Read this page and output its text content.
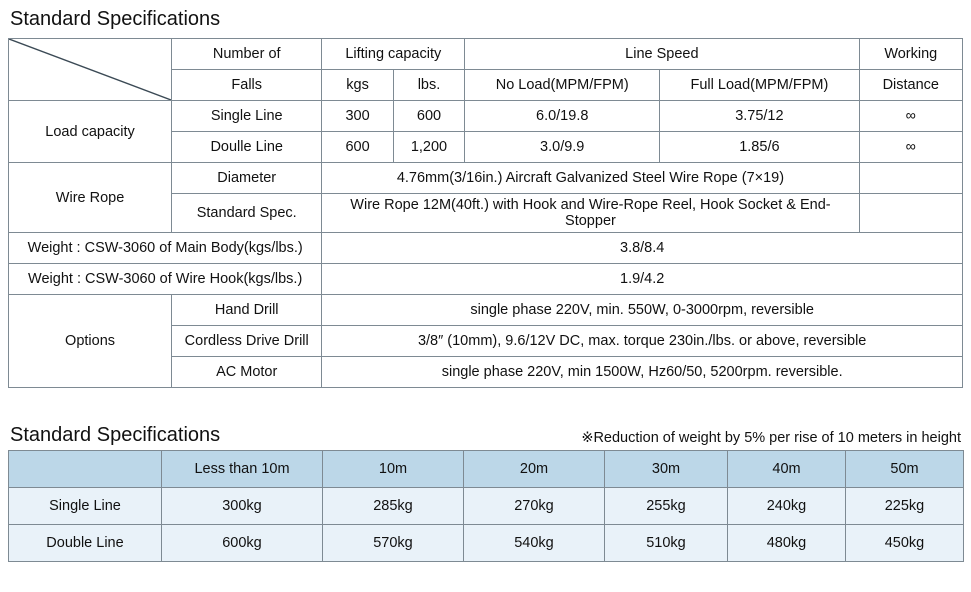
Standard Specifications
	Number of	Lifting capacity		Line Speed		Working
	Falls	kgs	lbs.	No Load(MPM/FPM)	Full Load(MPM/FPM)	Distance
Load capacity	Single Line	300	600	6.0/19.8	3.75/12	∞
	Doulle Line	600	1,200	3.0/9.9	1.85/6	∞
Wire Rope	Diameter	4.76mm(3/16in.) Aircraft Galvanized Steel Wire Rope (7×19)				
	Standard Spec.	Wire Rope 12M(40ft.) with Hook and Wire-Rope Reel, Hook Socket & End-Stopper				
Weight : CSW-3060 of Main Body(kgs/lbs.)		3.8/8.4				
Weight : CSW-3060 of Wire Hook(kgs/lbs.)		1.9/4.2				
Options	Hand Drill	single phase 220V, min. 550W, 0-3000rpm, reversible				
	Cordless Drive Drill	3/8″ (10mm), 9.6/12V DC, max. torque 230in./lbs. or above, reversible				
	AC Motor	single phase 220V, min 1500W, Hz60/50, 5200rpm. reversible.				
Standard Specifications	※Reduction of weight by 5% per rise of 10 meters in height

	Less than 10m	10m	20m	30m	40m	50m
Single Line	300kg	285kg	270kg	255kg	240kg	225kg
Double Line	600kg	570kg	540kg	510kg	480kg	450kg
